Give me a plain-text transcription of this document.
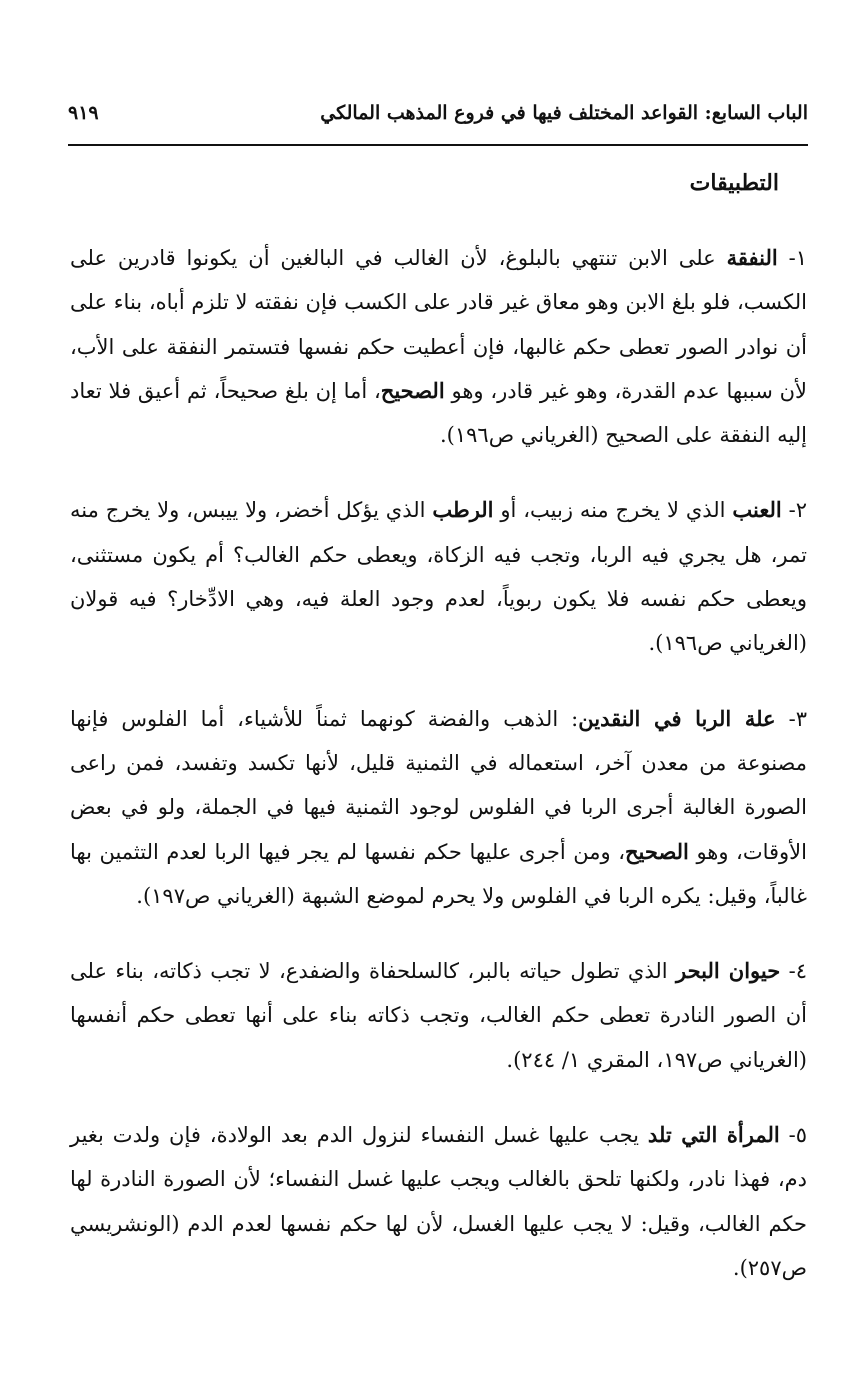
الباب السابع: القواعد المختلف فيها في فروع المذهب المالكي
٩١٩
التطبيقات

١- النفقة على الابن تنتهي بالبلوغ، لأن الغالب في البالغين أن يكونوا قادرين على الكسب، فلو بلغ الابن وهو معاق غير قادر على الكسب فإن نفقته لا تلزم أباه، بناء على أن نوادر الصور تعطى حكم غالبها، فإن أعطيت حكم نفسها فتستمر النفقة على الأب، لأن سببها عدم القدرة، وهو غير قادر، وهو الصحيح، أما إن بلغ صحيحاً، ثم أعيق فلا تعاد إليه النفقة على الصحيح (الغرياني ص١٩٦).

٢- العنب الذي لا يخرج منه زبيب، أو الرطب الذي يؤكل أخضر، ولا ييبس، ولا يخرج منه تمر، هل يجري فيه الربا، وتجب فيه الزكاة، ويعطى حكم الغالب؟ أم يكون مستثنى، ويعطى حكم نفسه فلا يكون ربوياً، لعدم وجود العلة فيه، وهي الادِّخار؟ فيه قولان (الغرياني ص١٩٦).

٣- علة الربا في النقدين: الذهب والفضة كونهما ثمناً للأشياء، أما الفلوس فإنها مصنوعة من معدن آخر، استعماله في الثمنية قليل، لأنها تكسد وتفسد، فمن راعى الصورة الغالبة أجرى الربا في الفلوس لوجود الثمنية فيها في الجملة، ولو في بعض الأوقات، وهو الصحيح، ومن أجرى عليها حكم نفسها لم يجر فيها الربا لعدم التثمين بها غالباً، وقيل: يكره الربا في الفلوس ولا يحرم لموضع الشبهة (الغرياني ص١٩٧).

٤- حيوان البحر الذي تطول حياته بالبر، كالسلحفاة والضفدع، لا تجب ذكاته، بناء على أن الصور النادرة تعطى حكم الغالب، وتجب ذكاته بناء على أنها تعطى حكم أنفسها (الغرياني ص١٩٧، المقري ١/ ٢٤٤).

٥- المرأة التي تلد يجب عليها غسل النفساء لنزول الدم بعد الولادة، فإن ولدت بغير دم، فهذا نادر، ولكنها تلحق بالغالب ويجب عليها غسل النفساء؛ لأن الصورة النادرة لها حكم الغالب، وقيل: لا يجب عليها الغسل، لأن لها حكم نفسها لعدم الدم (الونشريسي ص٢٥٧).
